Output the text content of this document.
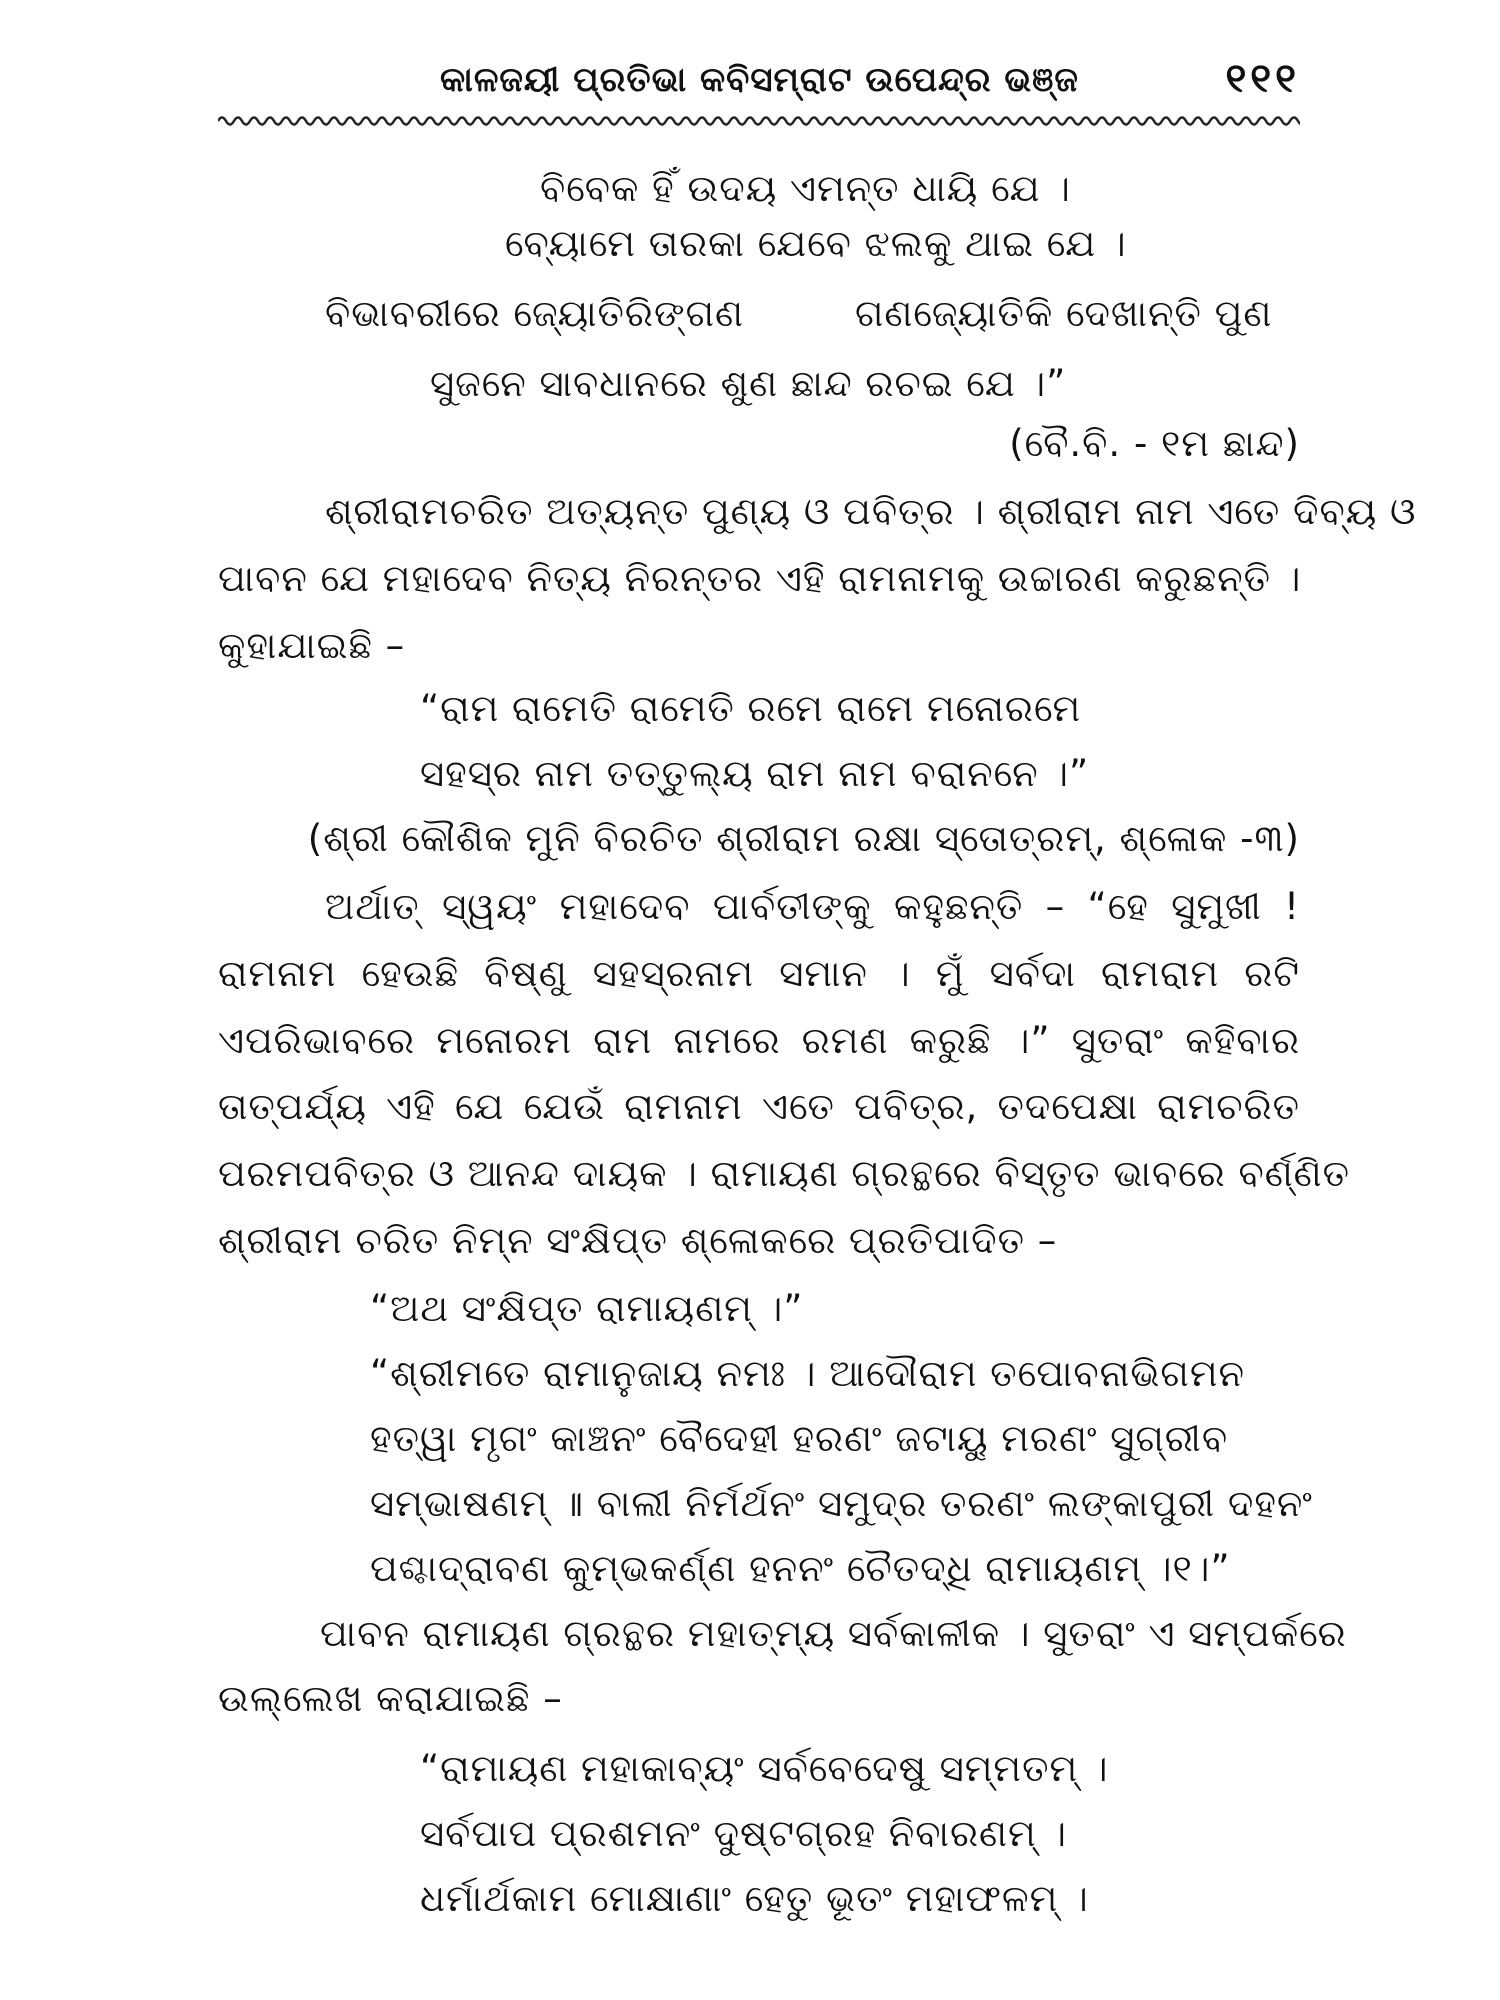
କାଳଜୟୀ ପ୍ରତିଭା କବିସମ୍ରାଟ ଉପେନ୍ଦ୍ର ଭଞ୍ଜ	୧୧୧
ବିବେକ ହିଁ ଉଦୟ ଏମନ୍ତ ଧାୟି ଯେ ।
ବ୍ୟୋମେ ତାରକା ଯେବେ ଝଲକୁ ଥାଇ ଯେ ।
ବିଭାବରୀରେ ଜ୍ୟୋତିରିଙ୍ଗଣ	ଗଣଜ୍ୟୋତିକି ଦେଖାନ୍ତି ପୁଣ
ସୁଜନେ ସାବଧାନରେ ଶୁଣ ଛାନ୍ଦ ରଚଇ ଯେ ।”
(ବୈ.ବି. - ୧ମ ଛାନ୍ଦ)
ଶ୍ରୀରାମଚରିତ ଅତ୍ୟନ୍ତ ପୁଣ୍ୟ ଓ ପବିତ୍ର । ଶ୍ରୀରାମ ନାମ ଏତେ ଦିବ୍ୟ ଓ
ପାବନ ଯେ ମହାଦେବ ନିତ୍ୟ ନିରନ୍ତର ଏହି ରାମନାମକୁ ଉଚ୍ଚାରଣ କରୁଛନ୍ତି ।
କୁହାଯାଇଛି –
“ରାମ ରାମେତି ରାମେତି ରମେ ରାମେ ମନୋରମେ
ସହସ୍ର ନାମ ତତ୍ତୁଲ୍ୟ ରାମ ନାମ ବରାନନେ ।”
(ଶ୍ରୀ କୌଶିକ ମୁନି ବିରଚିତ ଶ୍ରୀରାମ ରକ୍ଷା ସ୍ତୋତ୍ରମ୍, ଶ୍ଳୋକ -୩)
ଅର୍ଥାତ୍ ସ୍ୱୟଂ ମହାଦେବ ପାର୍ବତୀଙ୍କୁ କହୁଛନ୍ତି – “ହେ ସୁମୁଖୀ !
ରାମନାମ ହେଉଛି ବିଷ୍ଣୁ ସହସ୍ରନାମ ସମାନ । ମୁଁ ସର୍ବଦା ରାମରାମ ରଟି
ଏପରିଭାବରେ ମନୋରମ ରାମ ନାମରେ ରମଣ କରୁଛି ।” ସୁତରାଂ କହିବାର
ତାତ୍ପର୍ଯ୍ୟ ଏହି ଯେ ଯେଉଁ ରାମନାମ ଏତେ ପବିତ୍ର, ତଦପେକ୍ଷା ରାମଚରିତ
ପରମପବିତ୍ର ଓ ଆନନ୍ଦ ଦାୟକ । ରାମାୟଣ ଗ୍ରନ୍ଥରେ ବିସ୍ତୃତ ଭାବରେ ବର୍ଣ୍ଣିତ
ଶ୍ରୀରାମ ଚରିତ ନିମ୍ନ ସଂକ୍ଷିପ୍ତ ଶ୍ଳୋକରେ ପ୍ରତିପାଦିତ –
“ଅଥ ସଂକ୍ଷିପ୍ତ ରାମାୟଣମ୍ ।”
“ଶ୍ରୀମତେ ରାମାନୁଜାୟ ନମଃ । ଆଦୌରାମ ତପୋବନାଭିଗମନ
ହତ୍ୱା ମୃଗଂ କାଞ୍ଚନଂ ବୈଦେହୀ ହରଣଂ ଜଟାୟୁ ମରଣଂ ସୁଗ୍ରୀବ
ସମ୍ଭାଷଣମ୍ ॥ ବାଲୀ ନିର୍ମର୍ଥନଂ ସମୁଦ୍ର ତରଣଂ ଲଙ୍କାପୁରୀ ଦହନଂ
ପଶ୍ଚାଦ୍ରାବଣ କୁମ୍ଭକର୍ଣ୍ଣ ହନନଂ ଚୈତଦ୍ଧି ରାମାୟଣମ୍ ।୧।”
ପାବନ ରାମାୟଣ ଗ୍ରନ୍ଥର ମହାତ୍ମ୍ୟ ସର୍ବକାଳୀକ । ସୁତରାଂ ଏ ସମ୍ପର୍କରେ
ଉଲ୍ଲେଖ କରାଯାଇଛି –
“ରାମାୟଣ ମହାକାବ୍ୟଂ ସର୍ବବେଦେଷୁ ସମ୍ମତମ୍ ।
ସର୍ବପାପ ପ୍ରଶମନଂ ଦୁଷ୍ଟଗ୍ରହ ନିବାରଣମ୍ ।
ଧର୍ମାର୍ଥକାମ ମୋକ୍ଷାଣାଂ ହେତୁ ଭୂତଂ ମହାଫଳମ୍ ।
